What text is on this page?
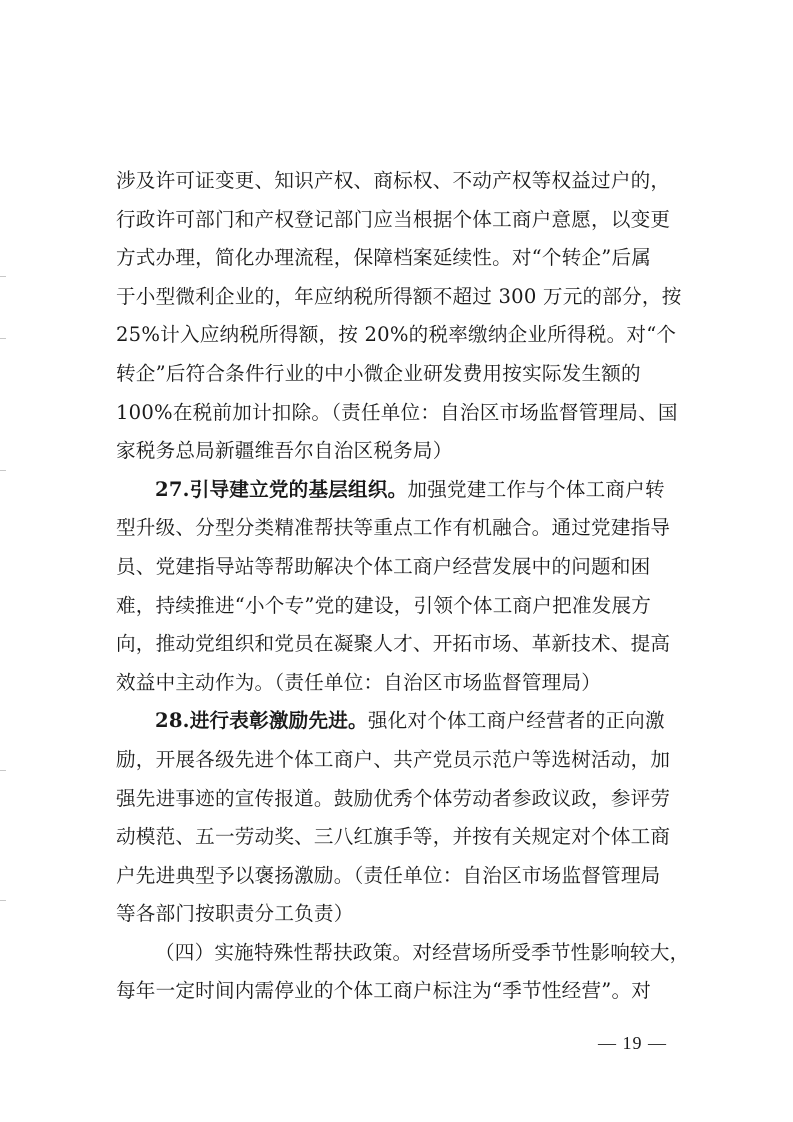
涉及许可证变更、知识产权、商标权、不动产权等权益过户的，
行政许可部门和产权登记部门应当根据个体工商户意愿，以变更
方式办理，简化办理流程，保障档案延续性。对“个转企”后属
于小型微利企业的，年应纳税所得额不超过 300 万元的部分，按
25%计入应纳税所得额，按 20%的税率缴纳企业所得税。对“个
转企”后符合条件行业的中小微企业研发费用按实际发生额的
100%在税前加计扣除。（责任单位：自治区市场监督管理局、国
家税务总局新疆维吾尔自治区税务局）
27.引导建立党的基层组织。加强党建工作与个体工商户转
型升级、分型分类精准帮扶等重点工作有机融合。通过党建指导
员、党建指导站等帮助解决个体工商户经营发展中的问题和困
难，持续推进“小个专”党的建设，引领个体工商户把准发展方
向，推动党组织和党员在凝聚人才、开拓市场、革新技术、提高
效益中主动作为。（责任单位：自治区市场监督管理局）
28.进行表彰激励先进。强化对个体工商户经营者的正向激
励，开展各级先进个体工商户、共产党员示范户等选树活动，加
强先进事迹的宣传报道。鼓励优秀个体劳动者参政议政，参评劳
动模范、五一劳动奖、三八红旗手等，并按有关规定对个体工商
户先进典型予以褒扬激励。（责任单位：自治区市场监督管理局
等各部门按职责分工负责）
（四）实施特殊性帮扶政策。对经营场所受季节性影响较大，
每年一定时间内需停业的个体工商户标注为“季节性经营”。对
— 19 —
